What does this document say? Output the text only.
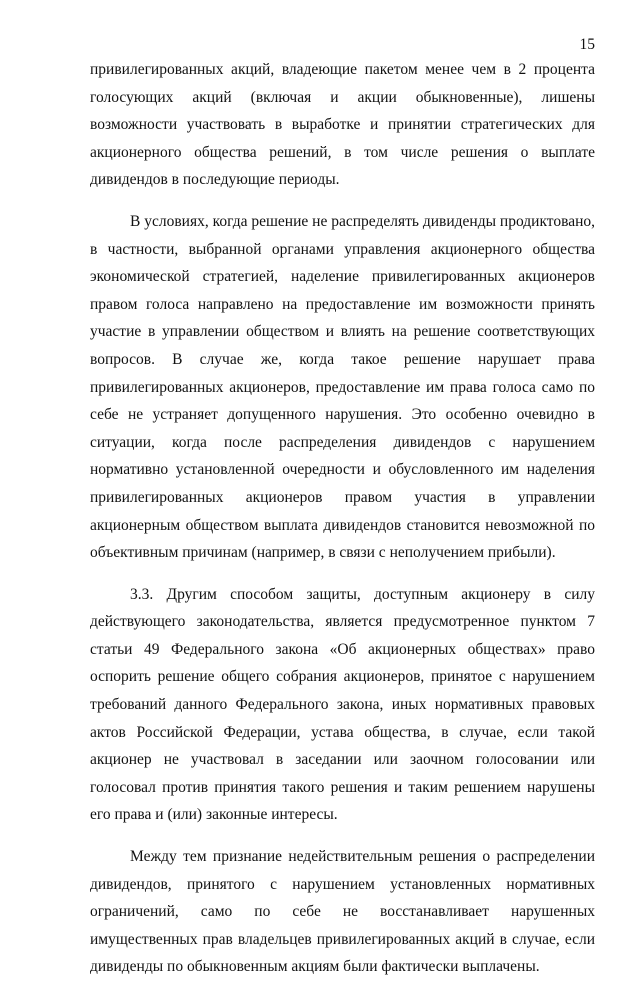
15

привилегированных акций, владеющие пакетом менее чем в 2 процента голосующих акций (включая и акции обыкновенные), лишены возможности участвовать в выработке и принятии стратегических для акционерного общества решений, в том числе решения о выплате дивидендов в последующие периоды.

В условиях, когда решение не распределять дивиденды продиктовано, в частности, выбранной органами управления акционерного общества экономической стратегией, наделение привилегированных акционеров правом голоса направлено на предоставление им возможности принять участие в управлении обществом и влиять на решение соответствующих вопросов. В случае же, когда такое решение нарушает права привилегированных акционеров, предоставление им права голоса само по себе не устраняет допущенного нарушения. Это особенно очевидно в ситуации, когда после распределения дивидендов с нарушением нормативно установленной очередности и обусловленного им наделения привилегированных акционеров правом участия в управлении акционерным обществом выплата дивидендов становится невозможной по объективным причинам (например, в связи с неполучением прибыли).

3.3. Другим способом защиты, доступным акционеру в силу действующего законодательства, является предусмотренное пунктом 7 статьи 49 Федерального закона «Об акционерных обществах» право оспорить решение общего собрания акционеров, принятое с нарушением требований данного Федерального закона, иных нормативных правовых актов Российской Федерации, устава общества, в случае, если такой акционер не участвовал в заседании или заочном голосовании или голосовал против принятия такого решения и таким решением нарушены его права и (или) законные интересы.

Между тем признание недействительным решения о распределении дивидендов, принятого с нарушением установленных нормативных ограничений, само по себе не восстанавливает нарушенных имущественных прав владельцев привилегированных акций в случае, если дивиденды по обыкновенным акциям были фактически выплачены.
